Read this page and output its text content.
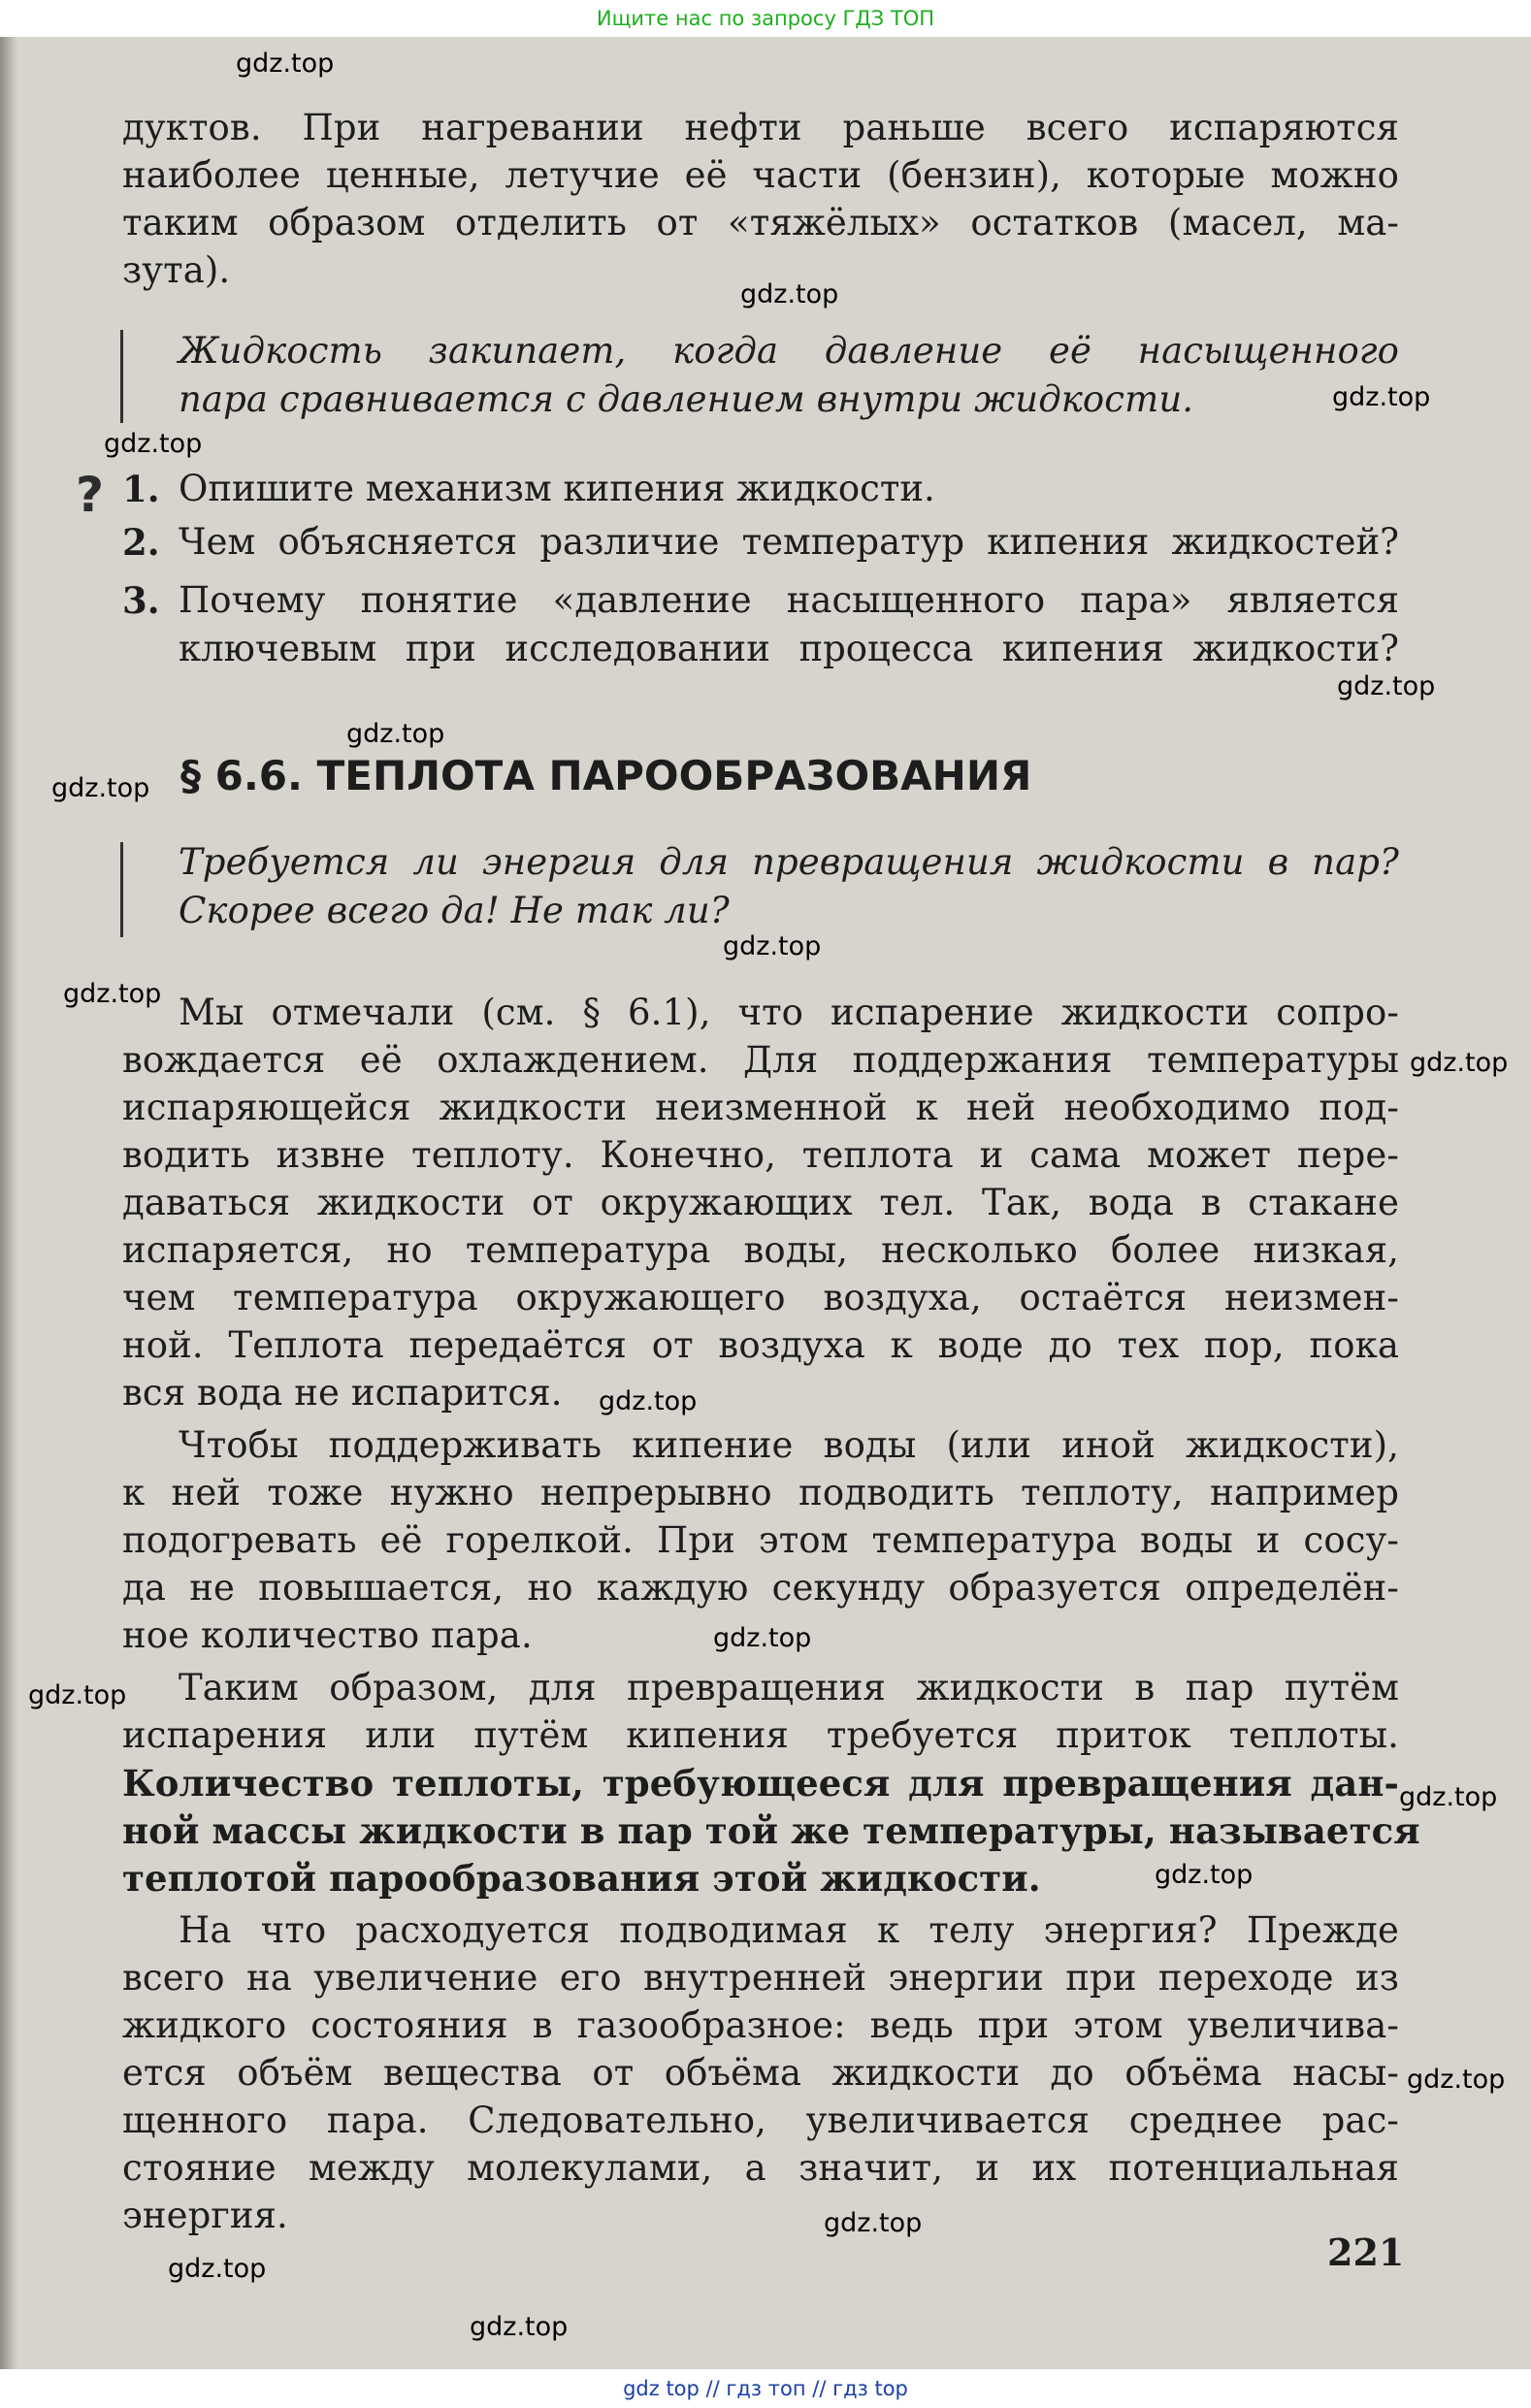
Ищите нас по запросу ГДЗ ТОП
дуктов. При нагревании нефти раньше всего испаряются
наиболее ценные, летучие её части (бензин), которые можно
таким образом отделить от «тяжёлых» остатков (масел, ма-
зута).
Жидкость закипает, когда давление её насыщенного
пара сравнивается с давлением внутри жидкости.
? 1. Опишите механизм кипения жидкости.
2. Чем объясняется различие температур кипения жидкостей?
3. Почему понятие «давление насыщенного пара» является
ключевым при исследовании процесса кипения жидкости?
§ 6.6. ТЕПЛОТА ПАРООБРАЗОВАНИЯ
Требуется ли энергия для превращения жидкости в пар?
Скорее всего да! Не так ли?
Мы отмечали (см. § 6.1), что испарение жидкости сопро-
вождается её охлаждением. Для поддержания температуры
испаряющейся жидкости неизменной к ней необходимо под-
водить извне теплоту. Конечно, теплота и сама может пере-
даваться жидкости от окружающих тел. Так, вода в стакане
испаряется, но температура воды, несколько более низкая,
чем температура окружающего воздуха, остаётся неизмен-
ной. Теплота передаётся от воздуха к воде до тех пор, пока
вся вода не испарится.
Чтобы поддерживать кипение воды (или иной жидкости),
к ней тоже нужно непрерывно подводить теплоту, например
подогревать её горелкой. При этом температура воды и сосу-
да не повышается, но каждую секунду образуется определён-
ное количество пара.
Таким образом, для превращения жидкости в пар путём
испарения или путём кипения требуется приток теплоты.
Количество теплоты, требующееся для превращения дан-
ной массы жидкости в пар той же температуры, называется
теплотой парообразования этой жидкости.
На что расходуется подводимая к телу энергия? Прежде
всего на увеличение его внутренней энергии при переходе из
жидкого состояния в газообразное: ведь при этом увеличива-
ется объём вещества от объёма жидкости до объёма насы-
щенного пара. Следовательно, увеличивается среднее рас-
стояние между молекулами, а значит, и их потенциальная
энергия.
221
gdz.top
gdz.top
gdz.top
gdz.top
gdz.top
gdz.top
gdz.top
gdz.top
gdz.top
gdz.top
gdz.top
gdz.top
gdz.top
gdz.top
gdz.top
gdz.top
gdz.top
gdz.top
gdz.top
gdz top // гдз топ // гдз top
